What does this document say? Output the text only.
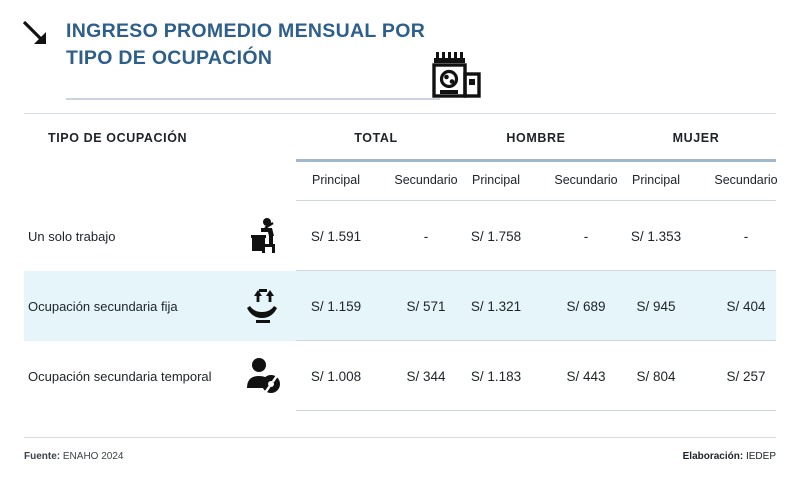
INGRESO PROMEDIO MENSUAL POR
TIPO DE OCUPACIÓN
TIPO DE OCUPACIÓN	TOTAL	HOMBRE	MUJER
Principal	Secundario	Principal	Secundario	Principal	Secundario
Un solo trabajo	S/ 1.591	-	S/ 1.758	-	S/ 1.353	-
Ocupación secundaria fija	S/ 1.159	S/ 571	S/ 1.321	S/ 689	S/ 945	S/ 404
Ocupación secundaria temporal	S/ 1.008	S/ 344	S/ 1.183	S/ 443	S/ 804	S/ 257
Fuente: ENAHO 2024	Elaboración: IEDEP
